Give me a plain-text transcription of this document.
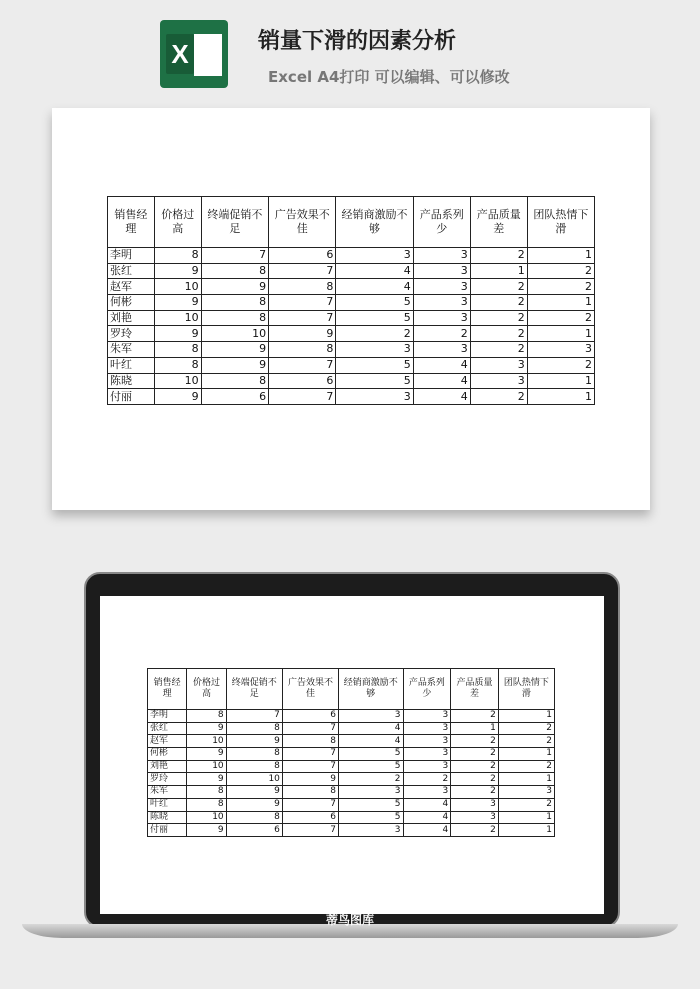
X	销量下滑的因素分析
Excel A4打印 可以编辑、可以修改
销售经理	价格过高	终端促销不足	广告效果不佳	经销商激励不够	产品系列少	产品质量差	团队热情下滑
李明	8	7	6	3	3	2	1
张红	9	8	7	4	3	1	2
赵军	10	9	8	4	3	2	2
何彬	9	8	7	5	3	2	1
刘艳	10	8	7	5	3	2	2
罗玲	9	10	9	2	2	2	1
朱军	8	9	8	3	3	2	3
叶红	8	9	7	5	4	3	2
陈晓	10	8	6	5	4	3	1
付丽	9	6	7	3	4	2	1
销售经理	价格过高	终端促销不足	广告效果不佳	经销商激励不够	产品系列少	产品质量差	团队热情下滑
李明	8	7	6	3	3	2	1
张红	9	8	7	4	3	1	2
赵军	10	9	8	4	3	2	2
何彬	9	8	7	5	3	2	1
刘艳	10	8	7	5	3	2	2
罗玲	9	10	9	2	2	2	1
朱军	8	9	8	3	3	2	3
叶红	8	9	7	5	4	3	2
陈晓	10	8	6	5	4	3	1
付丽	9	6	7	3	4	2	1
蒂鸟图库
